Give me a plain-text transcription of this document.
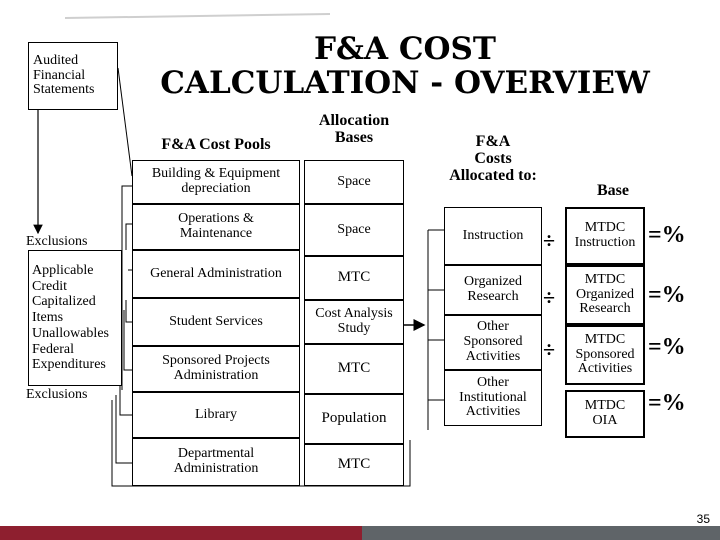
Audited
Financial
Statements
F&A COST
CALCULATION - OVERVIEW
Exclusions
Applicable
Credit
Capitalized
Items
Unallowables
Federal
Expenditures
Exclusions
F&A Cost Pools
Allocation
Bases	F&A
Costs
Allocated to:
Base
Building & Equipment
depreciation
Operations &
Maintenance
General Administration
Student Services
Sponsored Projects
Administration
Library
Departmental
Administration
Space
Space
MTC
Cost Analysis
Study
MTC
Population
MTC
Instruction
Organized
Research
Other
Sponsored
Activities
Other
Institutional
Activities
÷
÷
÷
MTDC
Instruction
MTDC
Organized
Research
MTDC
Sponsored
Activities
MTDC
OIA
=%
=%
=%
=%
35
